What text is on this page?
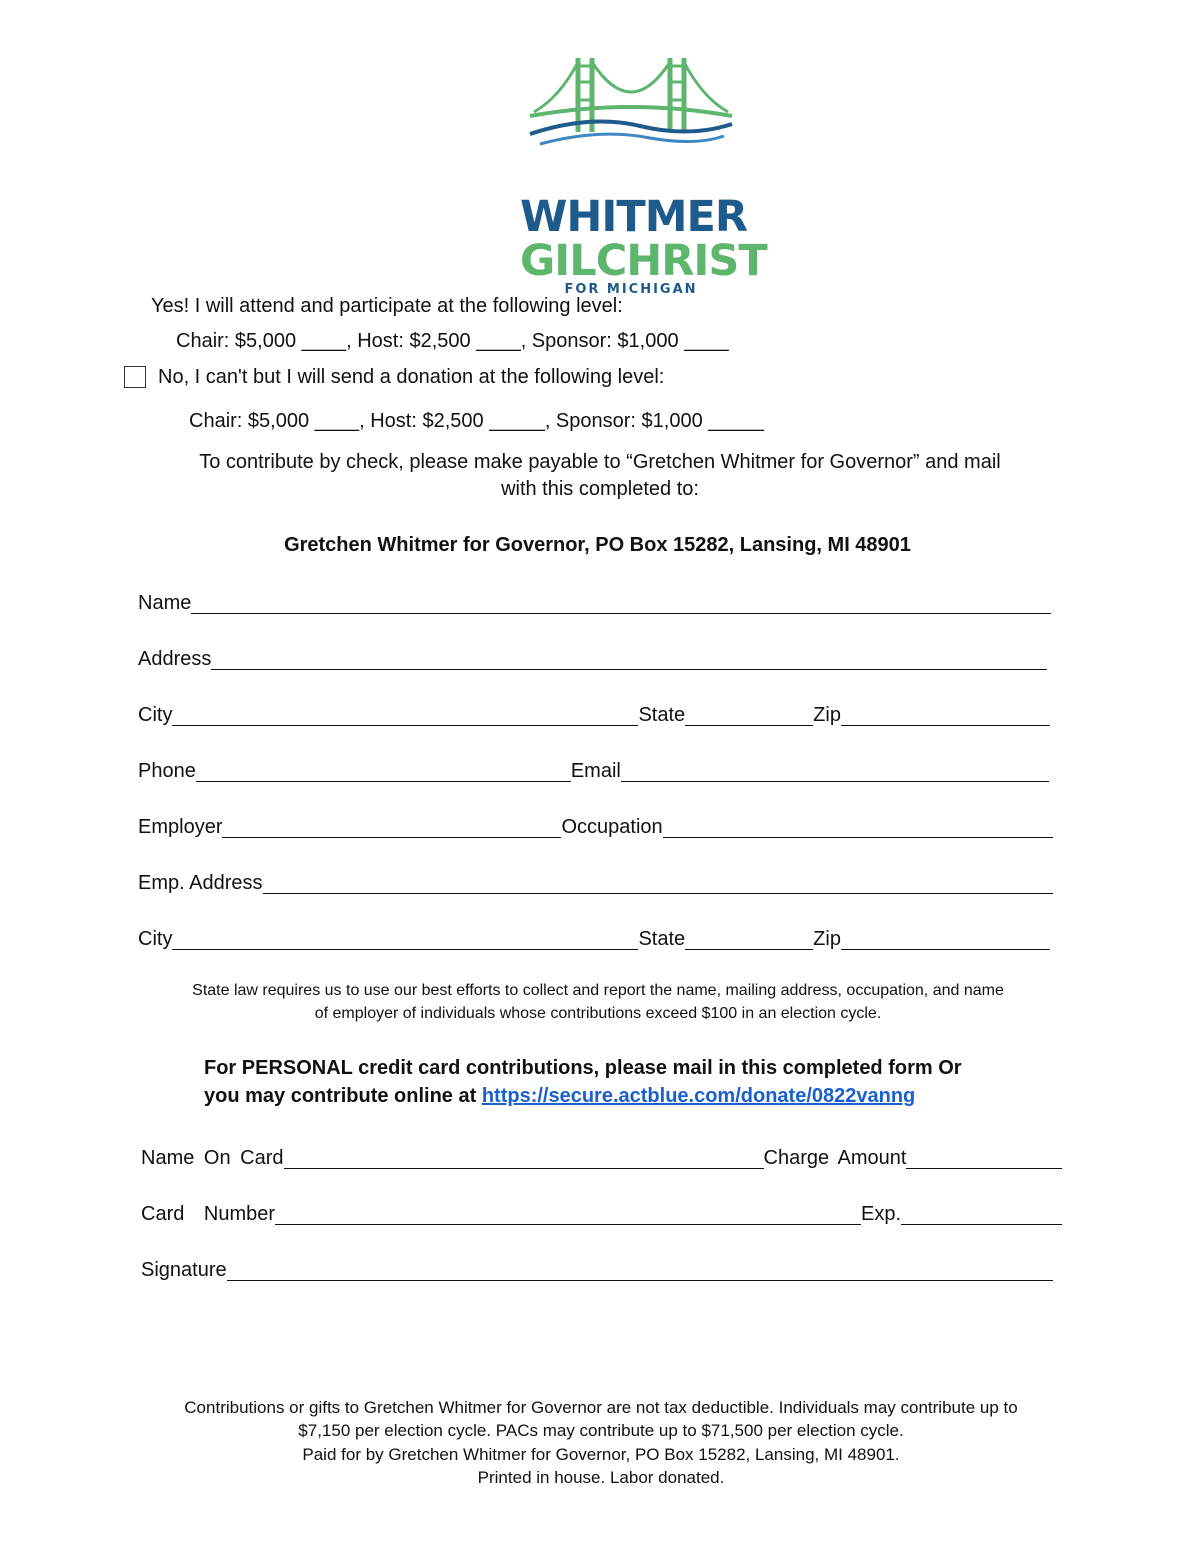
WHITMER
GILCHRIST
FOR MICHIGAN
Yes! I will attend and participate at the following level:
Chair: $5,000 ____, Host: $2,500 ____, Sponsor: $1,000 ____
No, I can't but I will send a donation at the following level:
Chair: $5,000 ____, Host: $2,500 _____, Sponsor: $1,000 _____
To contribute by check, please make payable to “Gretchen Whitmer for Governor” and mail
with this completed to:
Gretchen Whitmer for Governor, PO Box 15282, Lansing, MI 48901
Name
Address
City	State	Zip
Phone	Email
Employer	Occupation
Emp. Address
City	State	Zip
State law requires us to use our best efforts to collect and report the name, mailing address, occupation, and name
of employer of individuals whose contributions exceed $100 in an election cycle.
For PERSONAL credit card contributions, please mail in this completed form Or
you may contribute online at https://secure.actblue.com/donate/0822vanng
Name On Card	Charge Amount
Card Number	Exp.
Signature
Contributions or gifts to Gretchen Whitmer for Governor are not tax deductible. Individuals may contribute up to
$7,150 per election cycle. PACs may contribute up to $71,500 per election cycle.
Paid for by Gretchen Whitmer for Governor, PO Box 15282, Lansing, MI 48901.
Printed in house. Labor donated.
